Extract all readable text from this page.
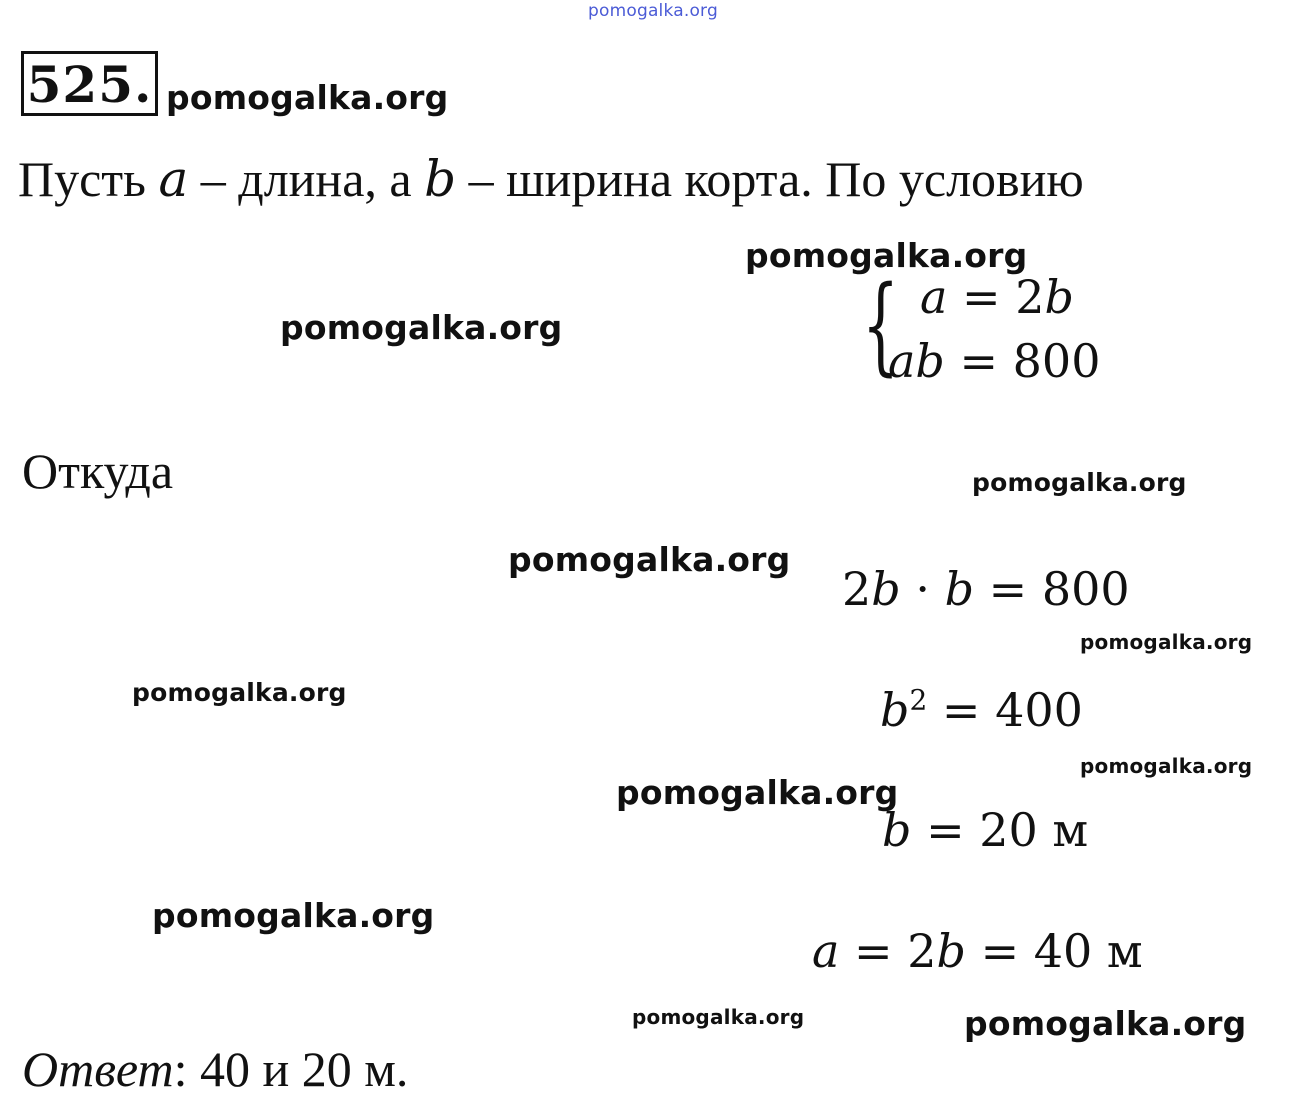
pomogalka.org
525. pomogalka.org
Пусть a – длина, а b – ширина корта. По условию
pomogalka.org
pomogalka.org	{ a = 2b
ab = 800
Откуда	pomogalka.org
pomogalka.org
2b · b = 800
pomogalka.org
pomogalka.org	$b^2 = 400$
pomogalka.org
pomogalka.org
b = 20 м
pomogalka.org
a = 2b = 40 м
pomogalka.org	pomogalka.org
Ответ: 40 и 20 м.
